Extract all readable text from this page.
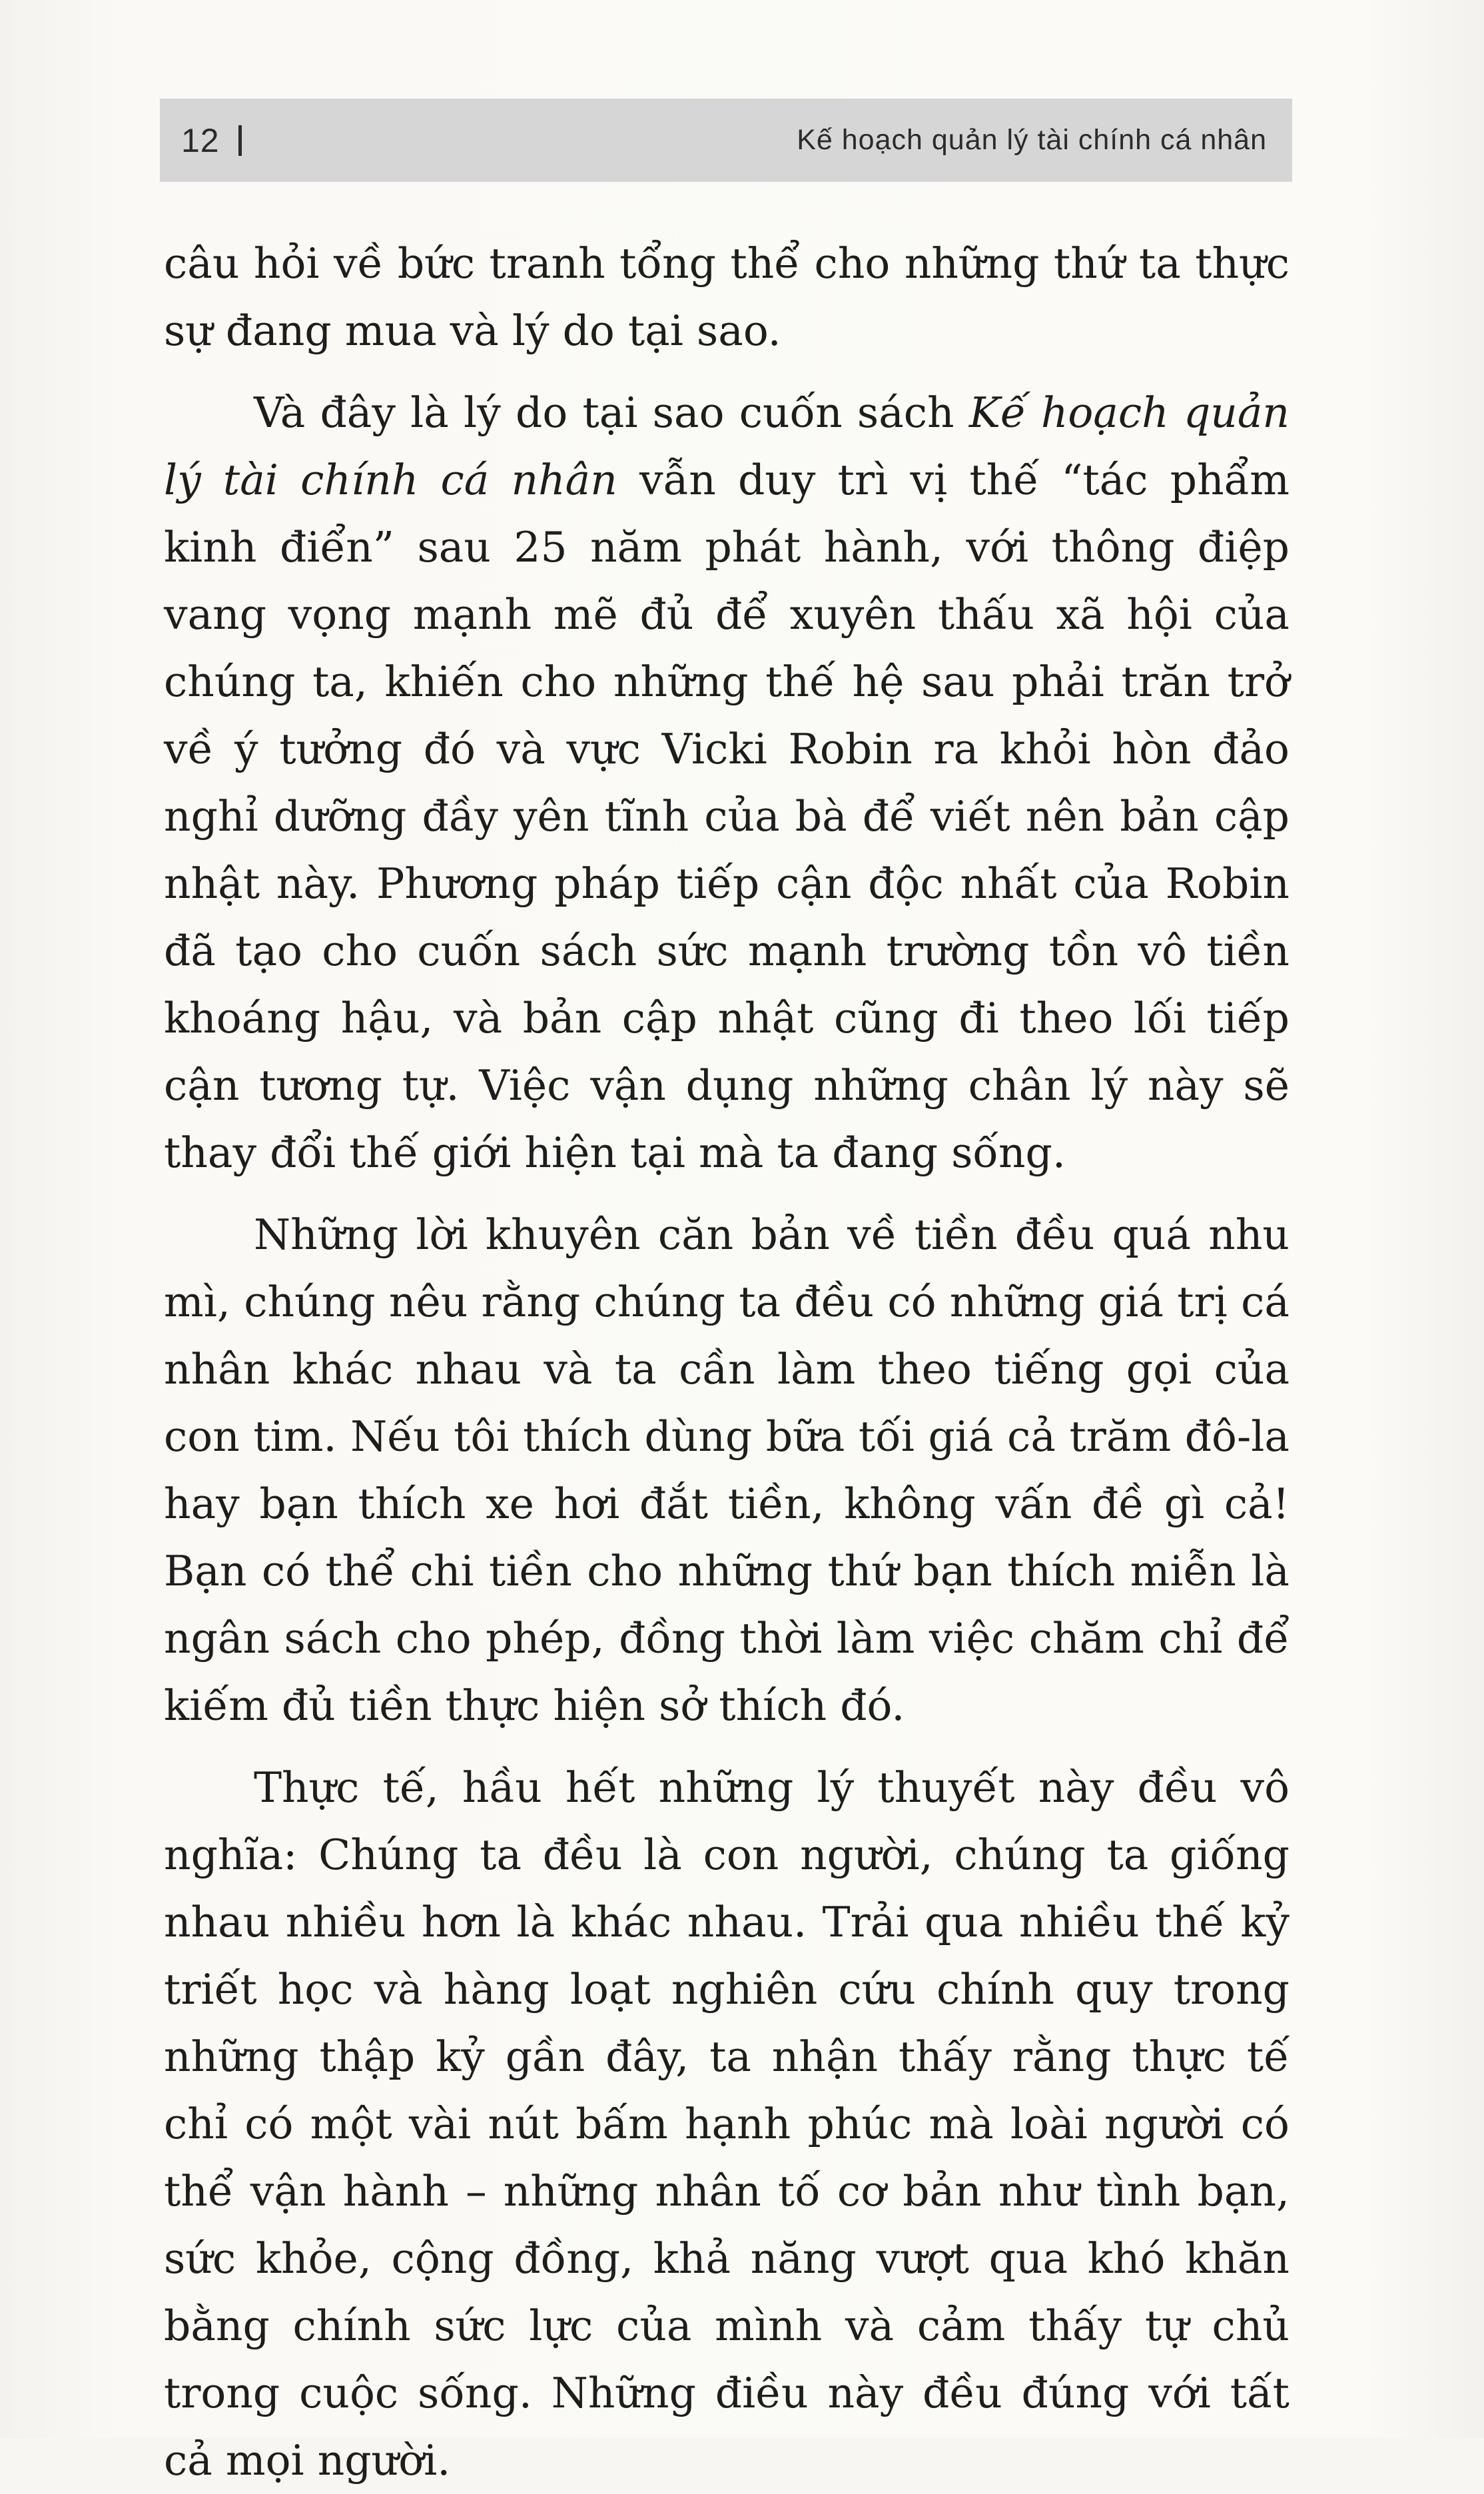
12	Kế hoạch quản lý tài chính cá nhân

câu hỏi về bức tranh tổng thể cho những thứ ta thực sự đang mua và lý do tại sao.

Và đây là lý do tại sao cuốn sách Kế hoạch quản lý tài chính cá nhân vẫn duy trì vị thế “tác phẩm kinh điển” sau 25 năm phát hành, với thông điệp vang vọng mạnh mẽ đủ để xuyên thấu xã hội của chúng ta, khiến cho những thế hệ sau phải trăn trở về ý tưởng đó và vực Vicki Robin ra khỏi hòn đảo nghỉ dưỡng đầy yên tĩnh của bà để viết nên bản cập nhật này. Phương pháp tiếp cận độc nhất của Robin đã tạo cho cuốn sách sức mạnh trường tồn vô tiền khoáng hậu, và bản cập nhật cũng đi theo lối tiếp cận tương tự. Việc vận dụng những chân lý này sẽ thay đổi thế giới hiện tại mà ta đang sống.

Những lời khuyên căn bản về tiền đều quá nhu mì, chúng nêu rằng chúng ta đều có những giá trị cá nhân khác nhau và ta cần làm theo tiếng gọi của con tim. Nếu tôi thích dùng bữa tối giá cả trăm đô-la hay bạn thích xe hơi đắt tiền, không vấn đề gì cả! Bạn có thể chi tiền cho những thứ bạn thích miễn là ngân sách cho phép, đồng thời làm việc chăm chỉ để kiếm đủ tiền thực hiện sở thích đó.

Thực tế, hầu hết những lý thuyết này đều vô nghĩa: Chúng ta đều là con người, chúng ta giống nhau nhiều hơn là khác nhau. Trải qua nhiều thế kỷ triết học và hàng loạt nghiên cứu chính quy trong những thập kỷ gần đây, ta nhận thấy rằng thực tế chỉ có một vài nút bấm hạnh phúc mà loài người có thể vận hành – những nhân tố cơ bản như tình bạn, sức khỏe, cộng đồng, khả năng vượt qua khó khăn bằng chính sức lực của mình và cảm thấy tự chủ trong cuộc sống. Những điều này đều đúng với tất cả mọi người.
